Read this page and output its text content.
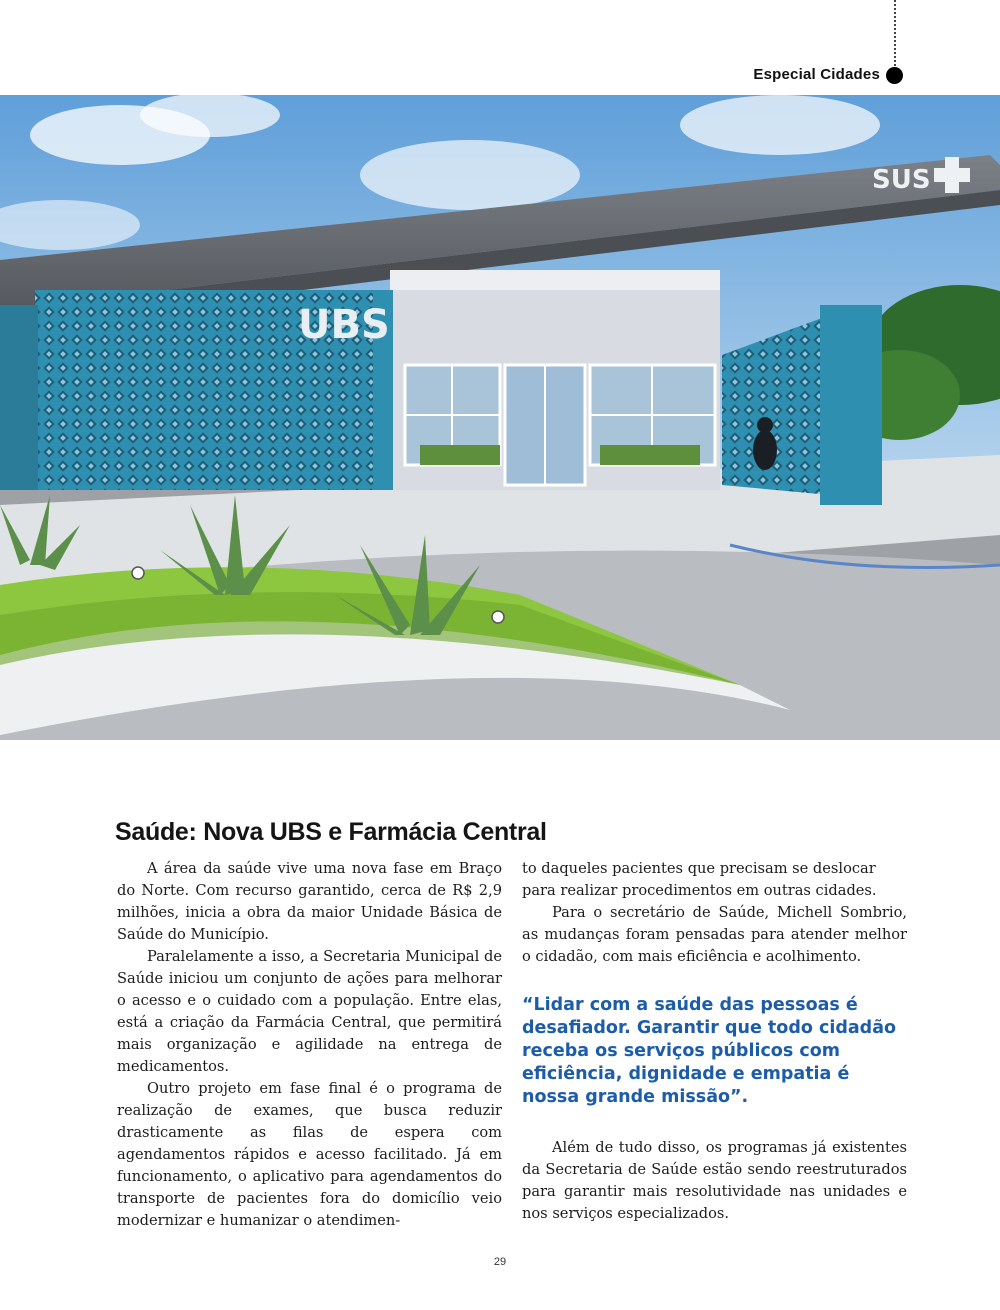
Especial Cidades
UBS
SUS
Saúde: Nova UBS e Farmácia Central

A área da saúde vive uma nova fase em Braço do Norte. Com recurso garantido, cerca de R$ 2,9 milhões, inicia a obra da maior Unidade Básica de Saúde do Município.

Paralelamente a isso, a Secretaria Municipal de Saúde iniciou um conjunto de ações para melhorar o acesso e o cuidado com a população. Entre elas, está a criação da Farmácia Central, que permitirá mais organização e agilidade na entrega de medicamentos.

Outro projeto em fase final é o programa de realização de exames, que busca reduzir drasticamente as filas de espera com agendamentos rápidos e acesso facilitado. Já em funcionamento, o aplicativo para agendamentos do transporte de pacientes fora do domicílio veio modernizar e humanizar o atendimen-

to daqueles pacientes que precisam se deslocar para realizar procedimentos em outras cidades.

Para o secretário de Saúde, Michell Sombrio, as mudanças foram pensadas para atender melhor o cidadão, com mais eficiência e acolhimento.

“Lidar com a saúde das pessoas é desafiador. Garantir que todo cidadão receba os serviços públicos com eficiência, dignidade e empatia é nossa grande missão”.

Além de tudo disso, os programas já existentes da Secretaria de Saúde estão sendo reestruturados para garantir mais resolutividade nas unidades e nos serviços especializados.

29
